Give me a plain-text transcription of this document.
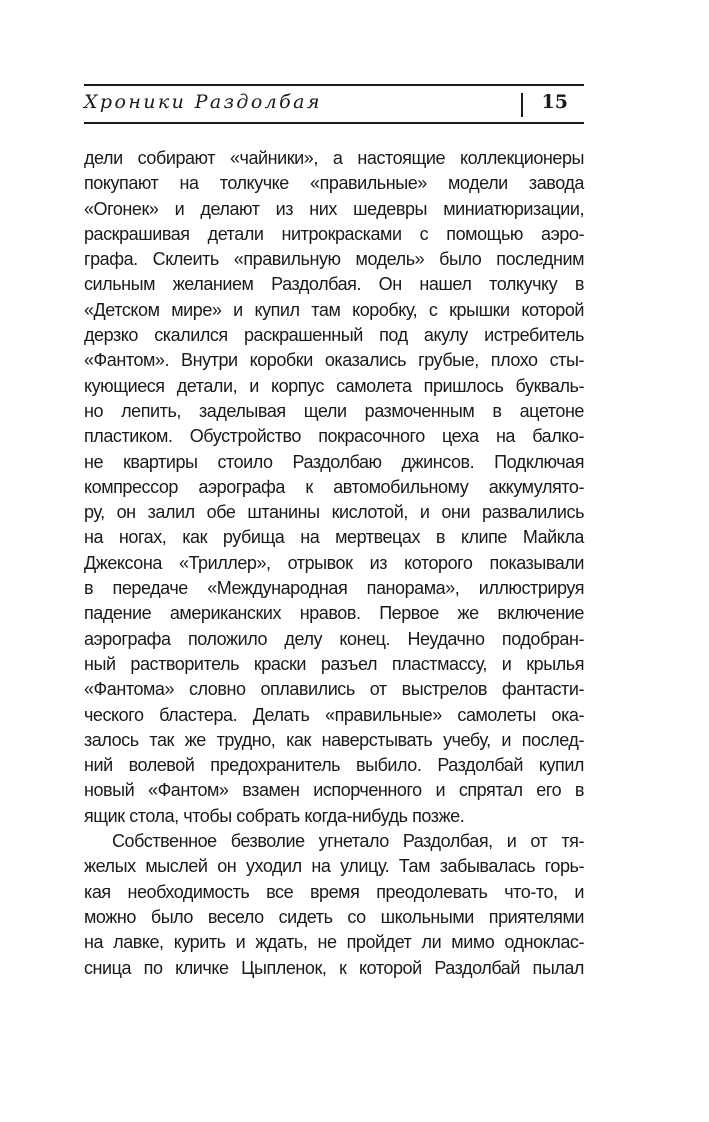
Хроники Раздолбая	15
дели собирают «чайники», а настоящие коллекционеры
покупают на толкучке «правильные» модели завода
«Огонек» и делают из них шедевры миниатюризации,
раскрашивая детали нитрокрасками с помощью аэро-
графа. Склеить «правильную модель» было последним
сильным желанием Раздолбая. Он нашел толкучку в
«Детском мире» и купил там коробку, с крышки которой
дерзко скалился раскрашенный под акулу истребитель
«Фантом». Внутри коробки оказались грубые, плохо сты-
кующиеся детали, и корпус самолета пришлось букваль-
но лепить, заделывая щели размоченным в ацетоне
пластиком. Обустройство покрасочного цеха на балко-
не квартиры стоило Раздолбаю джинсов. Подключая
компрессор аэрографа к автомобильному аккумулято-
ру, он залил обе штанины кислотой, и они развалились
на ногах, как рубища на мертвецах в клипе Майкла
Джексона «Триллер», отрывок из которого показывали
в передаче «Международная панорама», иллюстрируя
падение американских нравов. Первое же включение
аэрографа положило делу конец. Неудачно подобран-
ный растворитель краски разъел пластмассу, и крылья
«Фантома» словно оплавились от выстрелов фантасти-
ческого бластера. Делать «правильные» самолеты ока-
залось так же трудно, как наверстывать учебу, и послед-
ний волевой предохранитель выбило. Раздолбай купил
новый «Фантом» взамен испорченного и спрятал его в
ящик стола, чтобы собрать когда-нибудь позже.
Собственное безволие угнетало Раздолбая, и от тя-
желых мыслей он уходил на улицу. Там забывалась горь-
кая необходимость все время преодолевать что-то, и
можно было весело сидеть со школьными приятелями
на лавке, курить и ждать, не пройдет ли мимо однoклас-
сница по кличке Цыпленок, к которой Раздолбай пылал
